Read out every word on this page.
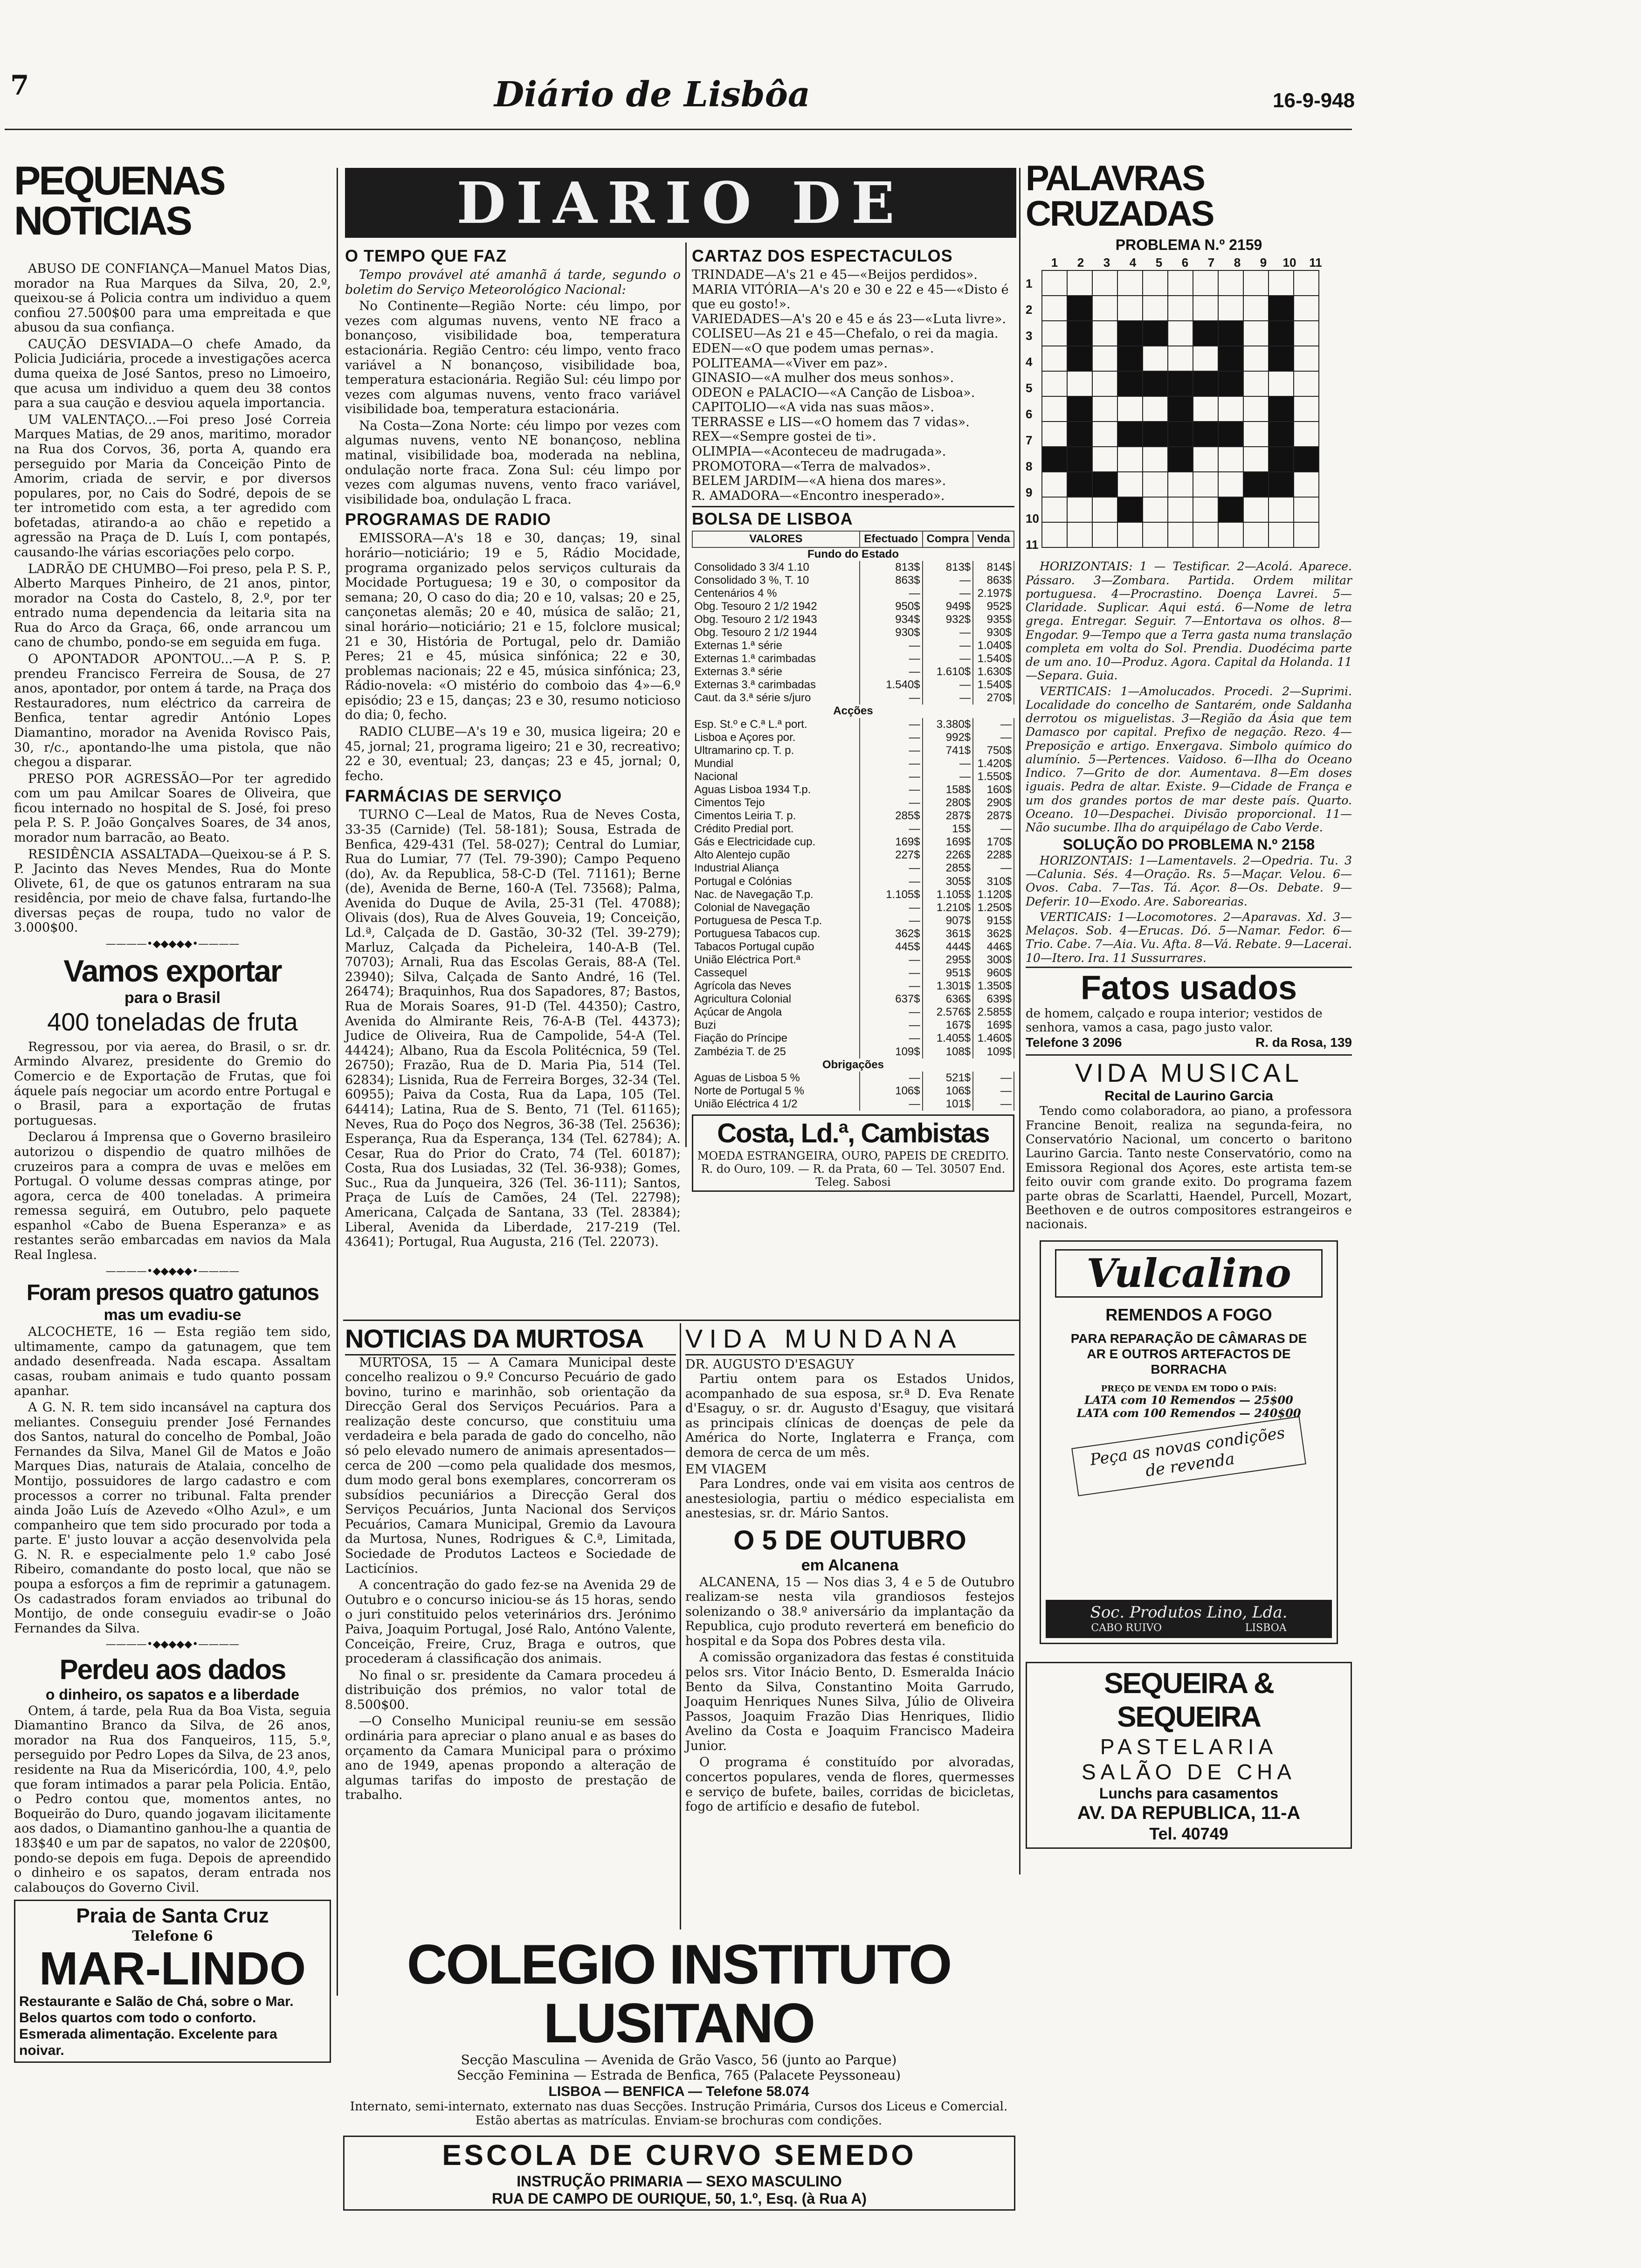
7	Diário de Lisbôa	16-9-948
PEQUENAS NOTICIAS

ABUSO DE CONFIANÇA—Manuel Matos Dias, morador na Rua Marques da Silva, 20, 2.º, queixou-se á Policia contra um individuo a quem confiou 27.500$00 para uma empreitada e que abusou da sua confiança.

CAUÇÃO DESVIADA—O chefe Amado, da Policia Judiciária, procede a investigações acerca duma queixa de José Santos, preso no Limoeiro, que acusa um individuo a quem deu 38 contos para a sua caução e desviou aquela importancia.

UM VALENTAÇO...—Foi preso José Correia Marques Matias, de 29 anos, maritimo, morador na Rua dos Corvos, 36, porta A, quando era perseguido por Maria da Conceição Pinto de Amorim, criada de servir, e por diversos populares, por, no Cais do Sodré, depois de se ter intrometido com esta, a ter agredido com bofetadas, atirando-a ao chão e repetido a agressão na Praça de D. Luís I, com pontapés, causando-lhe várias escoriações pelo corpo.

LADRÃO DE CHUMBO—Foi preso, pela P. S. P., Alberto Marques Pinheiro, de 21 anos, pintor, morador na Costa do Castelo, 8, 2.º, por ter entrado numa dependencia da leitaria sita na Rua do Arco da Graça, 66, onde arrancou um cano de chumbo, pondo-se em seguida em fuga.

O APONTADOR APONTOU...—A P. S. P. prendeu Francisco Ferreira de Sousa, de 27 anos, apontador, por ontem á tarde, na Praça dos Restauradores, num eléctrico da carreira de Benfica, tentar agredir António Lopes Diamantino, morador na Avenida Rovisco Pais, 30, r/c., apontando-lhe uma pistola, que não chegou a disparar.

PRESO POR AGRESSÃO—Por ter agredido com um pau Amilcar Soares de Oliveira, que ficou internado no hospital de S. José, foi preso pela P. S. P. João Gonçalves Soares, de 34 anos, morador num barracão, ao Beato.

RESIDÊNCIA ASSALTADA—Queixou-se á P. S. P. Jacinto das Neves Mendes, Rua do Monte Olivete, 61, de que os gatunos entraram na sua residência, por meio de chave falsa, furtando-lhe diversas peças de roupa, tudo no valor de 3.000$00.

————•◆◆◆◆◆•————
Vamos exportar
para o Brasil
400 toneladas de fruta

Regressou, por via aerea, do Brasil, o sr. dr. Armindo Alvarez, presidente do Gremio do Comercio e de Exportação de Frutas, que foi áquele país negociar um acordo entre Portugal e o Brasil, para a exportação de frutas portuguesas.

Declarou á Imprensa que o Governo brasileiro autorizou o dispendio de quatro milhões de cruzeiros para a compra de uvas e melões em Portugal. O volume dessas compras atinge, por agora, cerca de 400 toneladas. A primeira remessa seguirá, em Outubro, pelo paquete espanhol «Cabo de Buena Esperanza» e as restantes serão embarcadas em navios da Mala Real Inglesa.

————•◆◆◆◆◆•————
Foram presos quatro gatunos
mas um evadiu-se

ALCOCHETE, 16 — Esta região tem sido, ultimamente, campo da gatunagem, que tem andado desenfreada. Nada escapa. Assaltam casas, roubam animais e tudo quanto possam apanhar.

A G. N. R. tem sido incansável na captura dos meliantes. Conseguiu prender José Fernandes dos Santos, natural do concelho de Pombal, João Fernandes da Silva, Manel Gil de Matos e João Marques Dias, naturais de Atalaia, concelho de Montijo, possuidores de largo cadastro e com processos a correr no tribunal. Falta prender ainda João Luís de Azevedo «Olho Azul», e um companheiro que tem sido procurado por toda a parte. E' justo louvar a acção desenvolvida pela G. N. R. e especialmente pelo 1.º cabo José Ribeiro, comandante do posto local, que não se poupa a esforços a fim de reprimir a gatunagem. Os cadastrados foram enviados ao tribunal do Montijo, de onde conseguiu evadir-se o João Fernandes da Silva.

————•◆◆◆◆◆•————
Perdeu aos dados
o dinheiro, os sapatos e a liberdade

Ontem, á tarde, pela Rua da Boa Vista, seguia Diamantino Branco da Silva, de 26 anos, morador na Rua dos Fanqueiros, 115, 5.º, perseguido por Pedro Lopes da Silva, de 23 anos, residente na Rua da Misericórdia, 100, 4.º, pelo que foram intimados a parar pela Policia. Então, o Pedro contou que, momentos antes, no Boqueirão do Duro, quando jogavam ilicitamente aos dados, o Diamantino ganhou-lhe a quantia de 183$40 e um par de sapatos, no valor de 220$00, pondo-se depois em fuga. Depois de apreendido o dinheiro e os sapatos, deram entrada nos calabouços do Governo Civil.

Praia de Santa Cruz
Telefone 6
MAR-LINDO
Restaurante e Salão de Chá, sobre o Mar. Belos quartos com todo o conforto. Esmerada alimentação. Excelente para noivar.
DIARIO DE
O TEMPO QUE FAZ

Tempo provável até amanhã á tarde, segundo o boletim do Serviço Meteorológico Nacional:

No Continente—Região Norte: céu limpo, por vezes com algumas nuvens, vento NE fraco a bonançoso, visibilidade boa, temperatura estacionária. Região Centro: céu limpo, vento fraco variável a N bonançoso, visibilidade boa, temperatura estacionária. Região Sul: céu limpo por vezes com algumas nuvens, vento fraco variável visibilidade boa, temperatura estacionária.

Na Costa—Zona Norte: céu limpo por vezes com algumas nuvens, vento NE bonançoso, neblina matinal, visibilidade boa, moderada na neblina, ondulação norte fraca. Zona Sul: céu limpo por vezes com algumas nuvens, vento fraco variável, visibilidade boa, ondulação L fraca.

PROGRAMAS DE RADIO

EMISSORA—A's 18 e 30, danças; 19, sinal horário—noticiário; 19 e 5, Rádio Mocidade, programa organizado pelos serviços culturais da Mocidade Portuguesa; 19 e 30, o compositor da semana; 20, O caso do dia; 20 e 10, valsas; 20 e 25, cançonetas alemãs; 20 e 40, música de salão; 21, sinal horário—noticiário; 21 e 15, folclore musical; 21 e 30, História de Portugal, pelo dr. Damião Peres; 21 e 45, música sinfónica; 22 e 30, problemas nacionais; 22 e 45, música sinfónica; 23, Rádio-novela: «O mistério do comboio das 4»—6.º episódio; 23 e 15, danças; 23 e 30, resumo noticioso do dia; 0, fecho.

RADIO CLUBE—A's 19 e 30, musica ligeira; 20 e 45, jornal; 21, programa ligeiro; 21 e 30, recreativo; 22 e 30, eventual; 23, danças; 23 e 45, jornal; 0, fecho.

FARMÁCIAS DE SERVIÇO

TURNO C—Leal de Matos, Rua de Neves Costa, 33-35 (Carnide) (Tel. 58-181); Sousa, Estrada de Benfica, 429-431 (Tel. 58-027); Central do Lumiar, Rua do Lumiar, 77 (Tel. 79-390); Campo Pequeno (do), Av. da Republica, 58-C-D (Tel. 71161); Berne (de), Avenida de Berne, 160-A (Tel. 73568); Palma, Avenida do Duque de Avila, 25-31 (Tel. 47088); Olivais (dos), Rua de Alves Gouveia, 19; Conceição, Ld.ª, Calçada de D. Gastão, 30-32 (Tel. 39-279); Marluz, Calçada da Picheleira, 140-A-B (Tel. 70703); Arnali, Rua das Escolas Gerais, 88-A (Tel. 23940); Silva, Calçada de Santo André, 16 (Tel. 26474); Braquinhos, Rua dos Sapadores, 87; Bastos, Rua de Morais Soares, 91-D (Tel. 44350); Castro, Avenida do Almirante Reis, 76-A-B (Tel. 44373); Judice de Oliveira, Rua de Campolide, 54-A (Tel. 44424); Albano, Rua da Escola Politécnica, 59 (Tel. 26750); Frazão, Rua de D. Maria Pia, 514 (Tel. 62834); Lisnida, Rua de Ferreira Borges, 32-34 (Tel. 60955); Paiva da Costa, Rua da Lapa, 105 (Tel. 64414); Latina, Rua de S. Bento, 71 (Tel. 61165); Neves, Rua do Poço dos Negros, 36-38 (Tel. 25636); Esperança, Rua da Esperança, 134 (Tel. 62784); A. Cesar, Rua do Prior do Crato, 74 (Tel. 60187); Costa, Rua dos Lusiadas, 32 (Tel. 36-938); Gomes, Suc., Rua da Junqueira, 326 (Tel. 36-111); Santos, Praça de Luís de Camões, 24 (Tel. 22798); Americana, Calçada de Santana, 33 (Tel. 28384); Liberal, Avenida da Liberdade, 217-219 (Tel. 43641); Portugal, Rua Augusta, 216 (Tel. 22073).

CARTAZ DOS ESPECTACULOS
TRINDADE—A's 21 e 45—«Beijos perdidos».
MARIA VITÓRIA—A's 20 e 30 e 22 e 45—«Disto é que eu gosto!».
VARIEDADES—A's 20 e 45 e ás 23—«Luta livre».
COLISEU—As 21 e 45—Chefalo, o rei da magia.
EDEN—«O que podem umas pernas».
POLITEAMA—«Viver em paz».
GINASIO—«A mulher dos meus sonhos».
ODEON e PALACIO—«A Canção de Lisboa».
CAPITOLIO—«A vida nas suas mãos».
TERRASSE e LIS—«O homem das 7 vidas».
REX—«Sempre gostei de ti».
OLIMPIA—«Aconteceu de madrugada».
PROMOTORA—«Terra de malvados».
BELEM JARDIM—«A hiena dos mares».
R. AMADORA—«Encontro inesperado».
BOLSA DE LISBOA
VALORES	Efectuado	Compra	Venda
Fundo do Estado			
Consolidado 3 3/4 1.10	813$	813$	814$
Consolidado 3 %, T. 10	863$	—	863$
Centenários 4 %	—	—	2.197$
Obg. Tesouro 2 1/2 1942	950$	949$	952$
Obg. Tesouro 2 1/2 1943	934$	932$	935$
Obg. Tesouro 2 1/2 1944	930$	—	930$
Externas 1.ª série	—	—	1.040$
Externas 1.ª carimbadas	—	—	1.540$
Externas 3.ª série	—	1.610$	1.630$
Externas 3.ª carimbadas	1.540$	—	1.540$
Caut. da 3.ª série s/juro	—	—	270$
Acções			
Esp. St.º e C.ª L.ª port.	—	3.380$	—
Lisboa e Açores por.	—	992$	—
Ultramarino cp. T. p.	—	741$	750$
Mundial	—	—	1.420$
Nacional	—	—	1.550$
Aguas Lisboa 1934 T.p.	—	158$	160$
Cimentos Tejo	—	280$	290$
Cimentos Leiria T. p.	285$	287$	287$
Crédito Predial port.	—	15$	—
Gás e Electricidade cup.	169$	169$	170$
Alto Alentejo cupão	227$	226$	228$
Industrial Aliança	—	285$	—
Portugal e Colónias	—	305$	310$
Nac. de Navegação T.p.	1.105$	1.105$	1.120$
Colonial de Navegação	—	1.210$	1.250$
Portuguesa de Pesca T.p.	—	907$	915$
Portuguesa Tabacos cup.	362$	361$	362$
Tabacos Portugal cupão	445$	444$	446$
União Eléctrica Port.ª	—	295$	300$
Cassequel	—	951$	960$
Agrícola das Neves	—	1.301$	1.350$
Agricultura Colonial	637$	636$	639$
Açúcar de Angola	—	2.576$	2.585$
Buzi	—	167$	169$
Fiação do Príncipe	—	1.405$	1.460$
Zambézia T. de 25	109$	108$	109$
Obrigações			
Aguas de Lisboa 5 %	—	521$	—
Norte de Portugal 5 %	106$	106$	—
União Eléctrica 4 1/2	—	101$	—
Costa, Ld.ª, Cambistas
MOEDA ESTRANGEIRA, OURO, PAPEIS DE CREDITO. R. do Ouro, 109. — R. da Prata, 60 — Tel. 30507 End. Teleg. Sabosi
PALAVRAS CRUZADAS
PROBLEMA N.º 2159
1
2
3
4
5
6
7
8
9
10
11
1	2	3	4	5	6	7	8	9	10	11

HORIZONTAIS: 1 — Testificar. 2—Acolá. Aparece. Pássaro. 3—Zombara. Partida. Ordem militar portuguesa. 4—Procrastino. Doença Lavrei. 5—Claridade. Suplicar. Aqui está. 6—Nome de letra grega. Entregar. Seguir. 7—Entortava os olhos. 8—Engodar. 9—Tempo que a Terra gasta numa translação completa em volta do Sol. Prendia. Duodécima parte de um ano. 10—Produz. Agora. Capital da Holanda. 11—Separa. Guia.

VERTICAIS: 1—Amolucados. Procedi. 2—Suprimi. Localidade do concelho de Santarém, onde Saldanha derrotou os miguelistas. 3—Região da Ásia que tem Damasco por capital. Prefixo de negação. Rezo. 4—Preposição e artigo. Enxergava. Simbolo químico do alumínio. 5—Pertences. Vaidoso. 6—Ilha do Oceano Indico. 7—Grito de dor. Aumentava. 8—Em doses iguais. Pedra de altar. Existe. 9—Cidade de França e um dos grandes portos de mar deste país. Quarto. Oceano. 10—Despachei. Divisão proporcional. 11—Não sucumbe. Ilha do arquipélago de Cabo Verde.

SOLUÇÃO DO PROBLEMA N.º 2158

HORIZONTAIS: 1—Lamentavels. 2—Opedria. Tu. 3—Calunia. Sés. 4—Oração. Rs. 5—Maçar. Velou. 6—Ovos. Caba. 7—Tas. Tá. Açor. 8—Os. Debate. 9—Deferir. 10—Exodo. Are. Saborearias.

VERTICAIS: 1—Locomotores. 2—Aparavas. Xd. 3—Melaços. Sob. 4—Erucas. Dó. 5—Namar. Fedor. 6—Trio. Cabe. 7—Aia. Vu. Afta. 8—Vá. Rebate. 9—Lacerai. 10—Itero. Ira. 11 Sussurrares.

Fatos usados
de homem, calçado e roupa interior; vestidos de senhora, vamos a casa, pago justo valor.
Telefone 3 2096	R. da Rosa, 139
VIDA MUSICAL
Recital de Laurino Garcia

Tendo como colaboradora, ao piano, a professora Francine Benoit, realiza na segunda-feira, no Conservatório Nacional, um concerto o baritono Laurino Garcia. Tanto neste Conservatório, como na Emissora Regional dos Açores, este artista tem-se feito ouvir com grande exito. Do programa fazem parte obras de Scarlatti, Haendel, Purcell, Mozart, Beethoven e de outros compositores estrangeiros e nacionais.

Vulcalino
REMENDOS A FOGO
PARA REPARAÇÃO DE CÂMARAS DE AR E OUTROS ARTEFACTOS DE BORRACHA
PREÇO DE VENDA EM TODO O PAÍS:
LATA com 10 Remendos — 25$00
LATA com 100 Remendos — 240$00
Peça as novas condições de revenda
Soc. Produtos Lino, Lda.
CABO RUIVO	LISBOA
SEQUEIRA & SEQUEIRA
PASTELARIA
SALÃO DE CHA
Lunchs para casamentos
AV. DA REPUBLICA, 11-A
Tel. 40749
NOTICIAS DA MURTOSA

MURTOSA, 15 — A Camara Municipal deste concelho realizou o 9.º Concurso Pecuário de gado bovino, turino e marinhão, sob orientação da Direcção Geral dos Serviços Pecuários. Para a realização deste concurso, que constituiu uma verdadeira e bela parada de gado do concelho, não só pelo elevado numero de animais apresentados—cerca de 200 —como pela qualidade dos mesmos, dum modo geral bons exemplares, concorreram os subsídios pecuniários a Direcção Geral dos Serviços Pecuários, Junta Nacional dos Serviços Pecuários, Camara Municipal, Gremio da Lavoura da Murtosa, Nunes, Rodrigues & C.ª, Limitada, Sociedade de Produtos Lacteos e Sociedade de Lacticínios.

A concentração do gado fez-se na Avenida 29 de Outubro e o concurso iniciou-se ás 15 horas, sendo o juri constituido pelos veterinários drs. Jerónimo Paiva, Joaquim Portugal, José Ralo, Antóno Valente, Conceição, Freire, Cruz, Braga e outros, que procederam á classificação dos animais.

No final o sr. presidente da Camara procedeu á distribuição dos prémios, no valor total de 8.500$00.

—O Conselho Municipal reuniu-se em sessão ordinária para apreciar o plano anual e as bases do orçamento da Camara Municipal para o próximo ano de 1949, apenas propondo a alteração de algumas tarifas do imposto de prestação de trabalho.

VIDA MUNDANA
DR. AUGUSTO D'ESAGUY

Partiu ontem para os Estados Unidos, acompanhado de sua esposa, sr.ª D. Eva Renate d'Esaguy, o sr. dr. Augusto d'Esaguy, que visitará as principais clínicas de doenças de pele da América do Norte, Inglaterra e França, com demora de cerca de um mês.

EM VIAGEM

Para Londres, onde vai em visita aos centros de anestesiologia, partiu o médico especialista em anestesias, sr. dr. Mário Santos.

O 5 DE OUTUBRO
em Alcanena

ALCANENA, 15 — Nos dias 3, 4 e 5 de Outubro realizam-se nesta vila grandiosos festejos solenizando o 38.º aniversário da implantação da Republica, cujo produto reverterá em beneficio do hospital e da Sopa dos Pobres desta vila.

A comissão organizadora das festas é constituida pelos srs. Vitor Inácio Bento, D. Esmeralda Inácio Bento da Silva, Constantino Moita Garrudo, Joaquim Henriques Nunes Silva, Júlio de Oliveira Passos, Joaquim Frazão Dias Henriques, Ilidio Avelino da Costa e Joaquim Francisco Madeira Junior.

O programa é constituído por alvoradas, concertos populares, venda de flores, quermesses e serviço de bufete, bailes, corridas de bicicletas, fogo de artifício e desafio de futebol.

COLEGIO INSTITUTO LUSITANO
Secção Masculina — Avenida de Grão Vasco, 56 (junto ao Parque)
Secção Feminina — Estrada de Benfica, 765 (Palacete Peyssoneau)
LISBOA — BENFICA — Telefone 58.074
Internato, semi-internato, externato nas duas Secções. Instrução Primária, Cursos dos Liceus e Comercial. Estão abertas as matrículas. Enviam-se brochuras com condições.
ESCOLA DE CURVO SEMEDO
INSTRUÇÃO PRIMARIA — SEXO MASCULINO
RUA DE CAMPO DE OURIQUE, 50, 1.º, Esq. (à Rua A)
